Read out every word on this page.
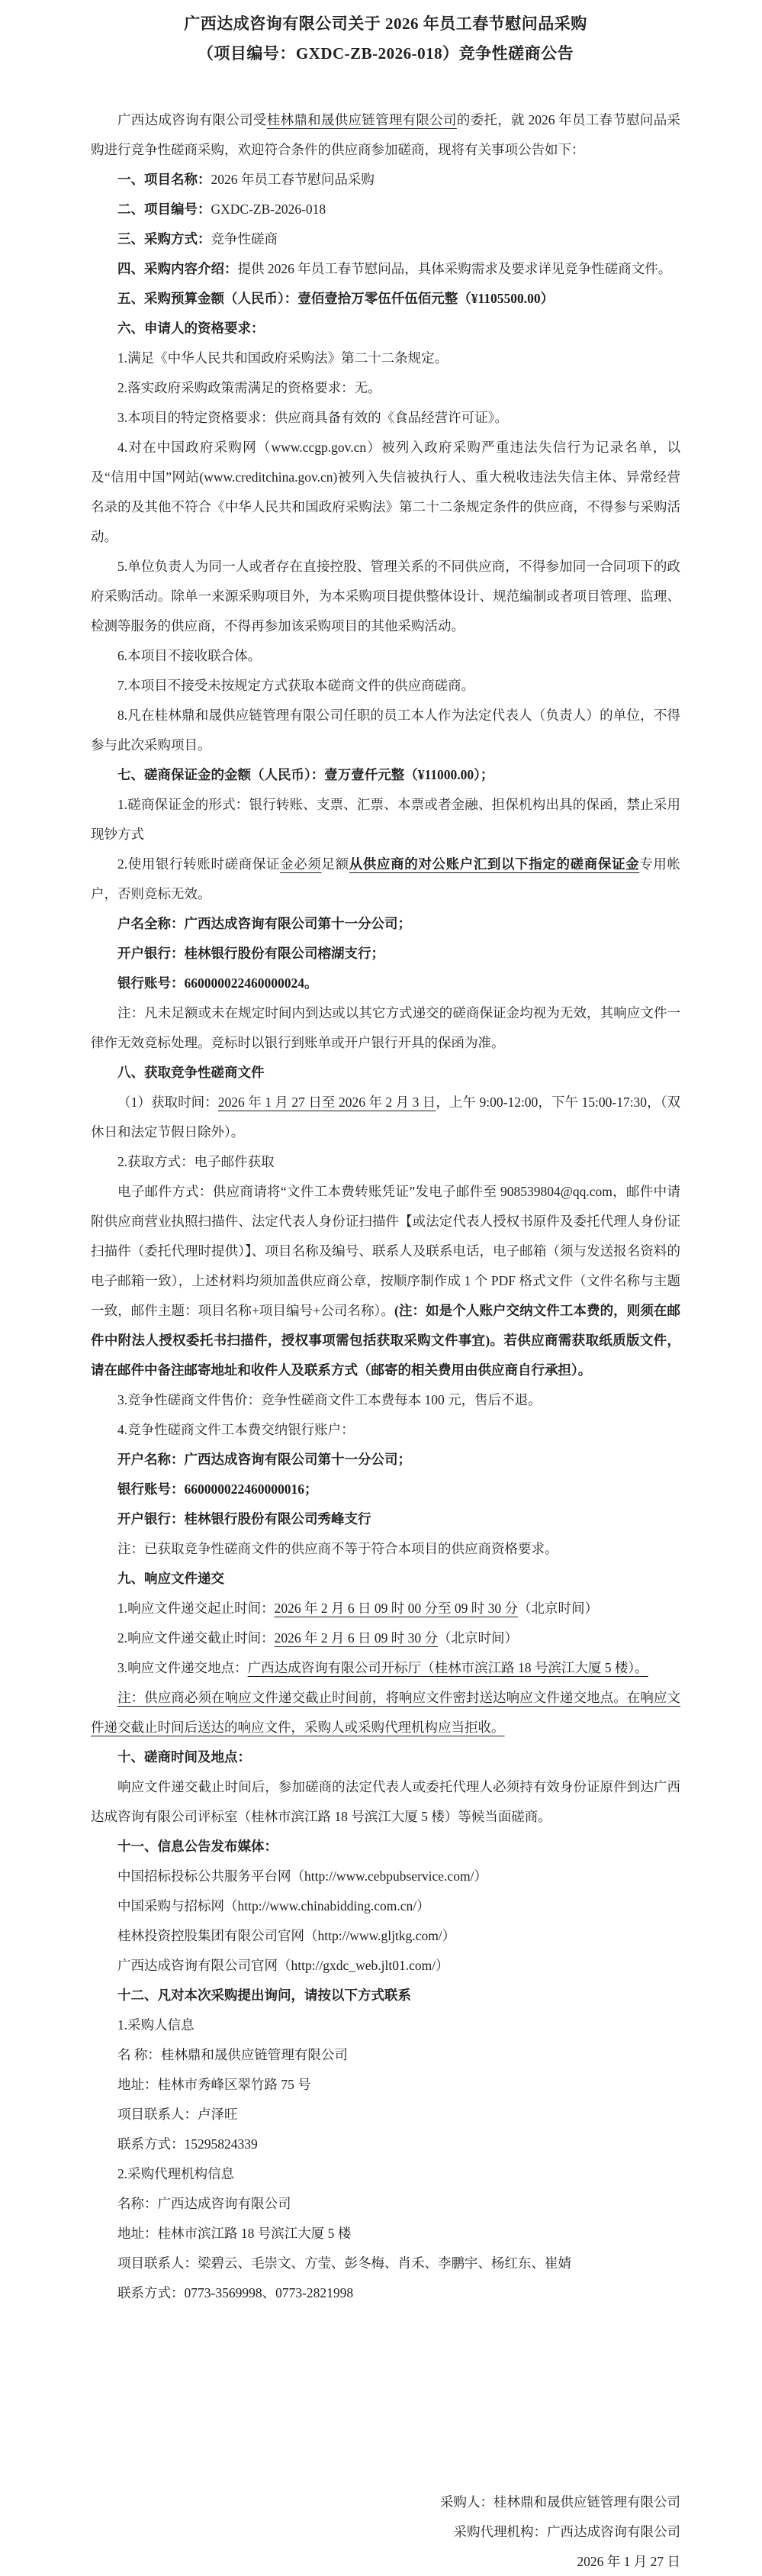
广西达成咨询有限公司关于 2026 年员工春节慰问品采购
（项目编号：GXDC-ZB-2026-018）竞争性磋商公告

广西达成咨询有限公司受桂林鼎和晟供应链管理有限公司的委托，就 2026 年员工春节慰问品采购进行竞争性磋商采购，欢迎符合条件的供应商参加磋商，现将有关事项公告如下：

一、项目名称：2026 年员工春节慰问品采购

二、项目编号：GXDC-ZB-2026-018

三、采购方式：竞争性磋商

四、采购内容介绍：提供 2026 年员工春节慰问品，具体采购需求及要求详见竞争性磋商文件。

五、采购预算金额（人民币）：壹佰壹拾万零伍仟伍佰元整（¥1105500.00）

六、申请人的资格要求：

1.满足《中华人民共和国政府采购法》第二十二条规定。

2.落实政府采购政策需满足的资格要求：无。

3.本项目的特定资格要求：供应商具备有效的《食品经营许可证》。

4.对在中国政府采购网（www.ccgp.gov.cn）被列入政府采购严重违法失信行为记录名单，以及“信用中国”网站(www.creditchina.gov.cn)被列入失信被执行人、重大税收违法失信主体、异常经营名录的及其他不符合《中华人民共和国政府采购法》第二十二条规定条件的供应商，不得参与采购活动。

5.单位负责人为同一人或者存在直接控股、管理关系的不同供应商，不得参加同一合同项下的政府采购活动。除单一来源采购项目外，为本采购项目提供整体设计、规范编制或者项目管理、监理、检测等服务的供应商，不得再参加该采购项目的其他采购活动。

6.本项目不接收联合体。

7.本项目不接受未按规定方式获取本磋商文件的供应商磋商。

8.凡在桂林鼎和晟供应链管理有限公司任职的员工本人作为法定代表人（负责人）的单位，不得参与此次采购项目。

七、磋商保证金的金额（人民币）：壹万壹仟元整（¥11000.00）；

1.磋商保证金的形式：银行转账、支票、汇票、本票或者金融、担保机构出具的保函，禁止采用现钞方式

2.使用银行转账时磋商保证金必须足额从供应商的对公账户汇到以下指定的磋商保证金专用帐户，否则竞标无效。

户名全称：广西达成咨询有限公司第十一分公司；

开户银行：桂林银行股份有限公司榕湖支行；

银行账号：660000022460000024。

注：凡未足额或未在规定时间内到达或以其它方式递交的磋商保证金均视为无效，其响应文件一律作无效竞标处理。竞标时以银行到账单或开户银行开具的保函为准。

八、获取竞争性磋商文件

（1）获取时间：2026 年 1 月 27 日至 2026 年 2 月 3 日，上午 9:00-12:00，下午 15:00-17:30，（双休日和法定节假日除外）。

2.获取方式：电子邮件获取

电子邮件方式：供应商请将“文件工本费转账凭证”发电子邮件至 908539804@qq.com，邮件中请附供应商营业执照扫描件、法定代表人身份证扫描件【或法定代表人授权书原件及委托代理人身份证扫描件（委托代理时提供）】、项目名称及编号、联系人及联系电话，电子邮箱（须与发送报名资料的电子邮箱一致），上述材料均须加盖供应商公章，按顺序制作成 1 个 PDF 格式文件（文件名称与主题一致，邮件主题：项目名称+项目编号+公司名称）。(注：如是个人账户交纳文件工本费的，则须在邮件中附法人授权委托书扫描件，授权事项需包括获取采购文件事宜)。若供应商需获取纸质版文件，请在邮件中备注邮寄地址和收件人及联系方式（邮寄的相关费用由供应商自行承担）。

3.竞争性磋商文件售价：竞争性磋商文件工本费每本 100 元，售后不退。

4.竞争性磋商文件工本费交纳银行账户：

开户名称：广西达成咨询有限公司第十一分公司；

银行账号：660000022460000016；

开户银行：桂林银行股份有限公司秀峰支行

注：已获取竞争性磋商文件的供应商不等于符合本项目的供应商资格要求。

九、响应文件递交

1.响应文件递交起止时间：2026 年 2 月 6 日 09 时 00 分至 09 时 30 分（北京时间）

2.响应文件递交截止时间：2026 年 2 月 6 日 09 时 30 分（北京时间）

3.响应文件递交地点：广西达成咨询有限公司开标厅（桂林市滨江路 18 号滨江大厦 5 楼）。

注：供应商必须在响应文件递交截止时间前，将响应文件密封送达响应文件递交地点。在响应文件递交截止时间后送达的响应文件，采购人或采购代理机构应当拒收。

十、磋商时间及地点：

响应文件递交截止时间后，参加磋商的法定代表人或委托代理人必须持有效身份证原件到达广西达成咨询有限公司评标室（桂林市滨江路 18 号滨江大厦 5 楼）等候当面磋商。

十一、信息公告发布媒体：

中国招标投标公共服务平台网（http://www.cebpubservice.com/）

中国采购与招标网（http://www.chinabidding.com.cn/）

桂林投资控股集团有限公司官网（http://www.gljtkg.com/）

广西达成咨询有限公司官网（http://gxdc_web.jlt01.com/）

十二、凡对本次采购提出询问，请按以下方式联系

1.采购人信息

名 称：桂林鼎和晟供应链管理有限公司

地址：桂林市秀峰区翠竹路 75 号

项目联系人：卢泽旺

联系方式：15295824339

2.采购代理机构信息

名称：广西达成咨询有限公司

地址：桂林市滨江路 18 号滨江大厦 5 楼

项目联系人：梁碧云、毛崇文、方莹、彭冬梅、肖禾、李鹏宇、杨红东、崔婧

联系方式：0773-3569998、0773-2821998

采购人：桂林鼎和晟供应链管理有限公司

采购代理机构：广西达成咨询有限公司

2026 年 1 月 27 日
